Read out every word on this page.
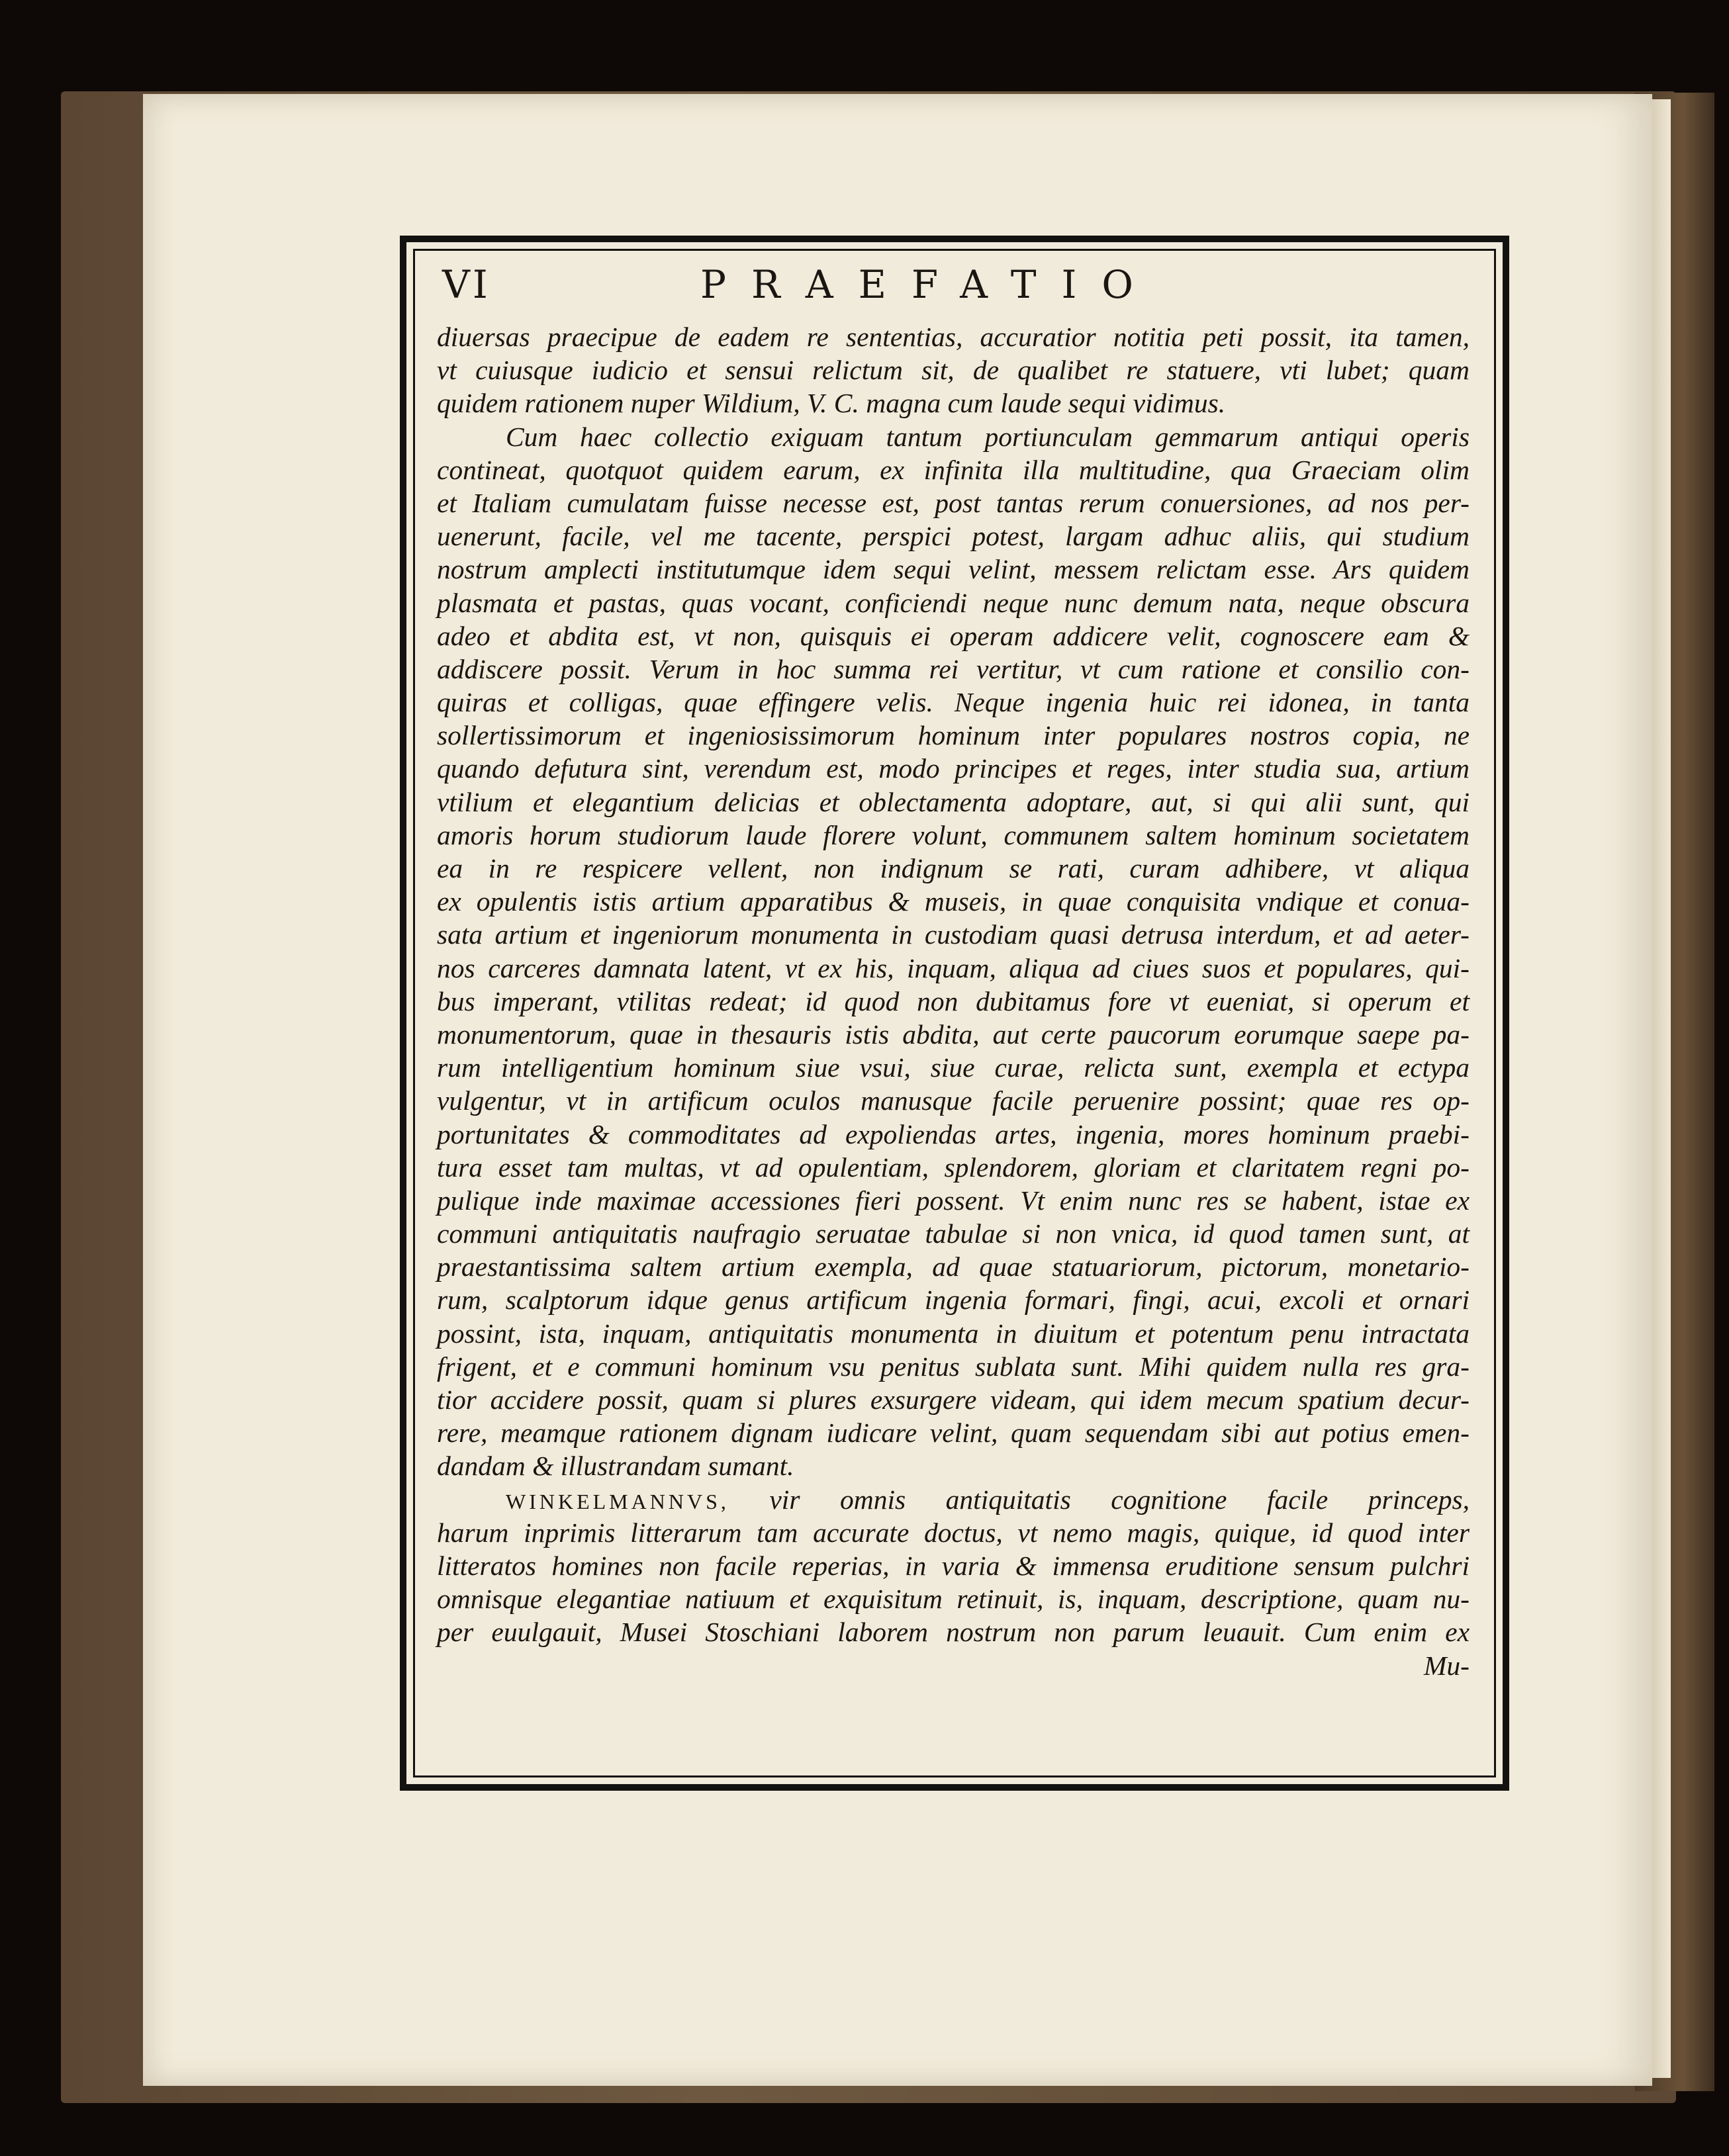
VI	PRAEFATIO
diuersas praecipue de eadem re sententias, accuratior notitia peti possit, ita tamen,
vt cuiusque iudicio et sensui relictum sit, de qualibet re statuere, vti lubet; quam
quidem rationem nuper Wildium, V. C. magna cum laude sequi vidimus.
Cum haec collectio exiguam tantum portiunculam gemmarum antiqui operis
contineat, quotquot quidem earum, ex infinita illa multitudine, qua Graeciam olim
et Italiam cumulatam fuisse necesse est, post tantas rerum conuersiones, ad nos per-
uenerunt, facile, vel me tacente, perspici potest, largam adhuc aliis, qui studium
nostrum amplecti institutumque idem sequi velint, messem relictam esse. Ars quidem
plasmata et pastas, quas vocant, conficiendi neque nunc demum nata, neque obscura
adeo et abdita est, vt non, quisquis ei operam addicere velit, cognoscere eam &
addiscere possit. Verum in hoc summa rei vertitur, vt cum ratione et consilio con-
quiras et colligas, quae effingere velis. Neque ingenia huic rei idonea, in tanta
sollertissimorum et ingeniosissimorum hominum inter populares nostros copia, ne
quando defutura sint, verendum est, modo principes et reges, inter studia sua, artium
vtilium et elegantium delicias et oblectamenta adoptare, aut, si qui alii sunt, qui
amoris horum studiorum laude florere volunt, communem saltem hominum societatem
ea in re respicere vellent, non indignum se rati, curam adhibere, vt aliqua
ex opulentis istis artium apparatibus & museis, in quae conquisita vndique et conua-
sata artium et ingeniorum monumenta in custodiam quasi detrusa interdum, et ad aeter-
nos carceres damnata latent, vt ex his, inquam, aliqua ad ciues suos et populares, qui-
bus imperant, vtilitas redeat; id quod non dubitamus fore vt eueniat, si operum et
monumentorum, quae in thesauris istis abdita, aut certe paucorum eorumque saepe pa-
rum intelligentium hominum siue vsui, siue curae, relicta sunt, exempla et ectypa
vulgentur, vt in artificum oculos manusque facile peruenire possint; quae res op-
portunitates & commoditates ad expoliendas artes, ingenia, mores hominum praebi-
tura esset tam multas, vt ad opulentiam, splendorem, gloriam et claritatem regni po-
pulique inde maximae accessiones fieri possent. Vt enim nunc res se habent, istae ex
communi antiquitatis naufragio seruatae tabulae si non vnica, id quod tamen sunt, at
praestantissima saltem artium exempla, ad quae statuariorum, pictorum, monetario-
rum, scalptorum idque genus artificum ingenia formari, fingi, acui, excoli et ornari
possint, ista, inquam, antiquitatis monumenta in diuitum et potentum penu intractata
frigent, et e communi hominum vsu penitus sublata sunt. Mihi quidem nulla res gra-
tior accidere possit, quam si plures exsurgere videam, qui idem mecum spatium decur-
rere, meamque rationem dignam iudicare velint, quam sequendam sibi aut potius emen-
dandam & illustrandam sumant.
WINKELMANNVS, vir omnis antiquitatis cognitione facile princeps,
harum inprimis litterarum tam accurate doctus, vt nemo magis, quique, id quod inter
litteratos homines non facile reperias, in varia & immensa eruditione sensum pulchri
omnisque elegantiae natiuum et exquisitum retinuit, is, inquam, descriptione, quam nu-
per euulgauit, Musei Stoschiani laborem nostrum non parum leuauit. Cum enim ex
Mu-
